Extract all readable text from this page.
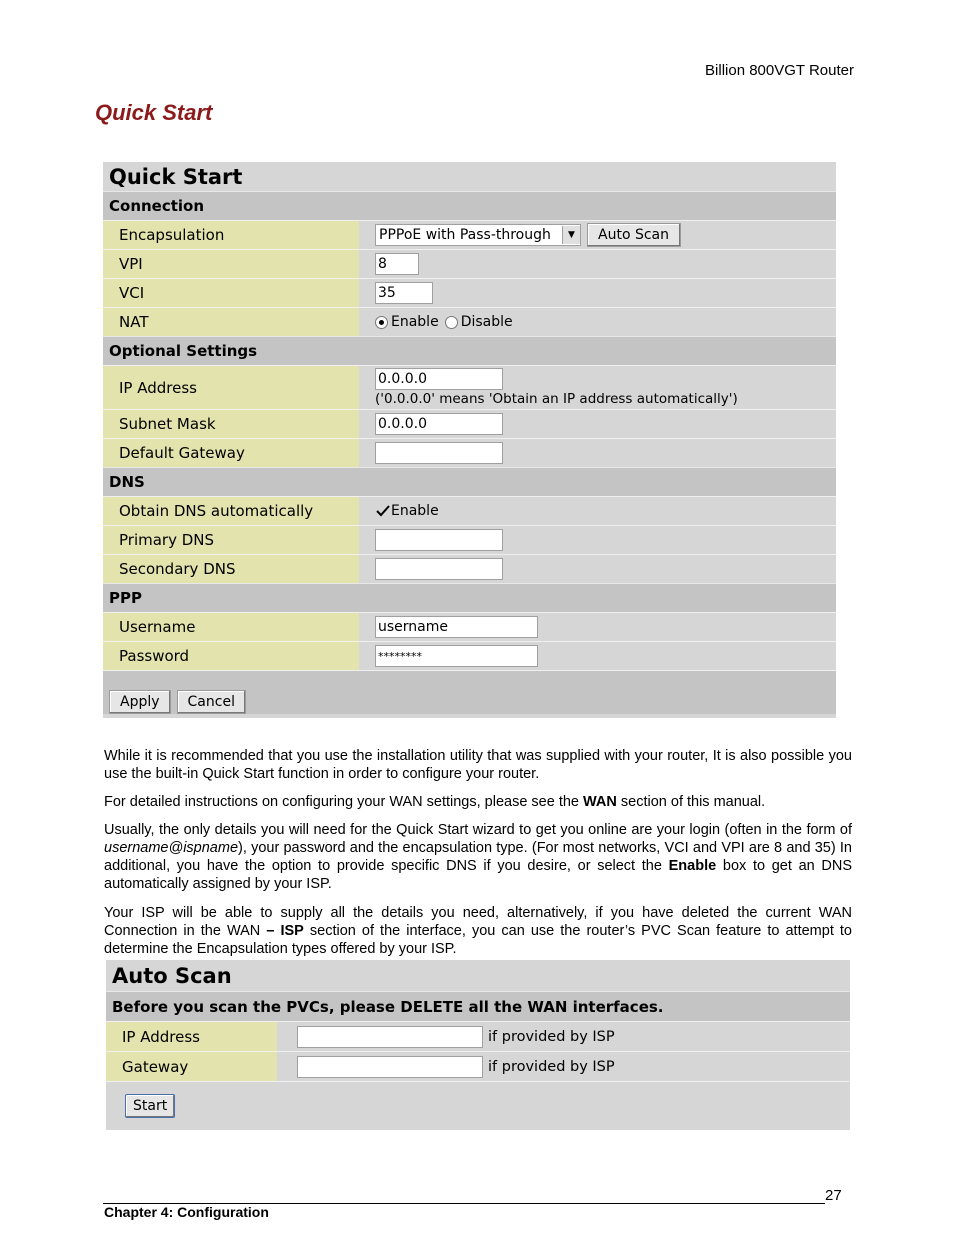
Billion 800VGT Router
Quick Start
Quick Start
Connection
Encapsulation	PPPoE with Pass-through	▼	Auto Scan
VPI	8
VCI	35
NAT	Enable Disable
Optional Settings
IP Address	0.0.0.0
('0.0.0.0' means 'Obtain an IP address automatically')
Subnet Mask	0.0.0.0
Default Gateway
DNS
Obtain DNS automatically	Enable
Primary DNS
Secondary DNS
PPP
Username	username
Password	********
Apply	Cancel
While it is recommended that you use the installation utility that was supplied with your router, It is also possible you use the built-in Quick Start function in order to configure your router.
For detailed instructions on configuring your WAN settings, please see the WAN section of this manual.
Usually, the only details you will need for the Quick Start wizard to get you online are your login (often in the form of username@ispname), your password and the encapsulation type. (For most networks, VCI and VPI are 8 and 35) In additional, you have the option to provide specific DNS if you desire, or select the Enable box to get an DNS automatically assigned by your ISP.
Your ISP will be able to supply all the details you need, alternatively, if you have deleted the current WAN Connection in the WAN – ISP section of the interface, you can use the router’s PVC Scan feature to attempt to determine the Encapsulation types offered by your ISP.
Auto Scan
Before you scan the PVCs, please DELETE all the WAN interfaces.
IP Address	if provided by ISP
Gateway	if provided by ISP
Start
27
Chapter 4: Configuration
